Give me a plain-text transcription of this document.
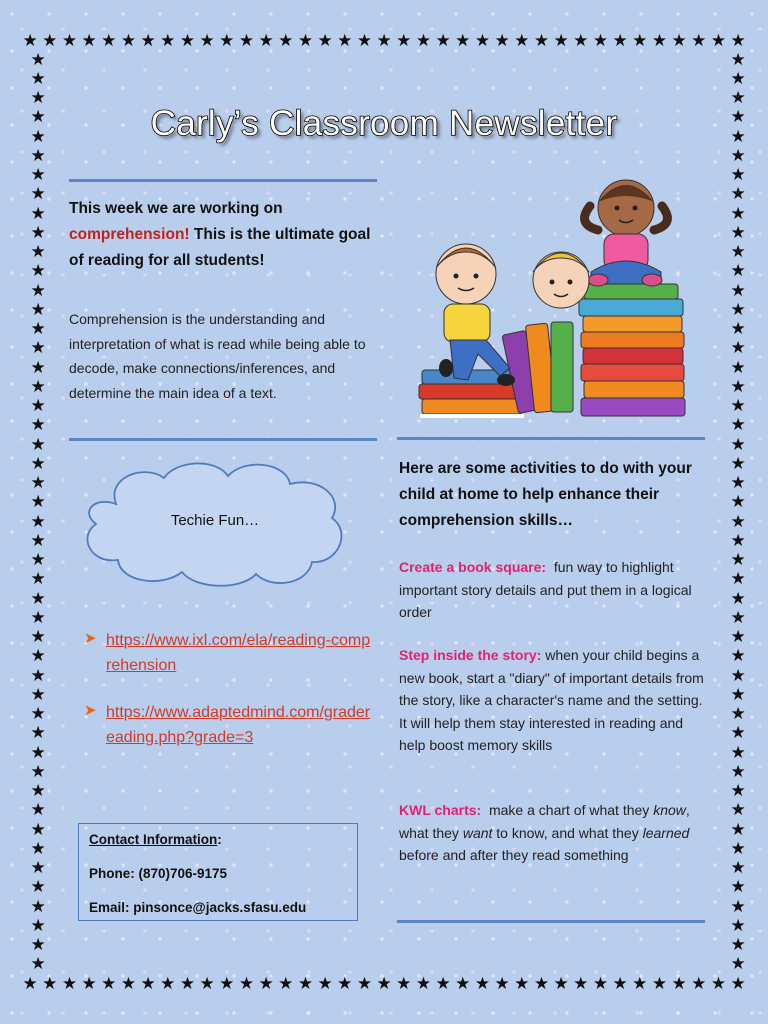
★
★
★
★
★
★
★
★
★
★
★
★
★
★
★
★
★
★
★
★
★
★
★
★
★
★
★
★
★
★
★
★
★
★
★
★
★
★
★
★
★
★
★
★
★
★
★
★
★
★
★
★
★
★
★
★
★
★
★
★
★
★
★
★
★
★
★
★
★
★
★
★
★
★
★	★
★	★
★	★
★	★
★	★
★	★
★	★
★	★
★	★
★	★
★	★
★	★
★	★
★	★
★	★
★	★
★	★
★	★
★	★
★	★
★	★
★	★
★	★
★	★
★	★
★	★
★	★
★	★
★	★
★	★
★	★
★	★
★	★
★	★
★	★
★	★
★	★
★	★
★	★
★	★
★	★
★	★
★	★
★	★
★	★
★	★
★	★
★	★
Carly’s Classroom Newsletter
This week we are working on
comprehension! This is the ultimate goal of reading for all students!
Comprehension is the understanding and interpretation of what is read while being able to decode, make connections/inferences, and determine the main idea of a text.
Techie Fun…
➤ https://www.ixl.com/ela/reading-comprehension
➤ https://www.adaptedmind.com/gradereading.php?grade=3
Contact Information:
Phone: (870)706-9175
Email: pinsonce@jacks.sfasu.edu
Here are some activities to do with your child at home to help enhance their comprehension skills…
Create a book square:  fun way to highlight important story details and put them in a logical order
Step inside the story: when your child begins a new book, start a "diary" of important details from the story, like a character's name and the setting. It will help them stay interested in reading and help boost memory skills
KWL charts:  make a chart of what they know, what they want to know, and what they learned before and after they read something
